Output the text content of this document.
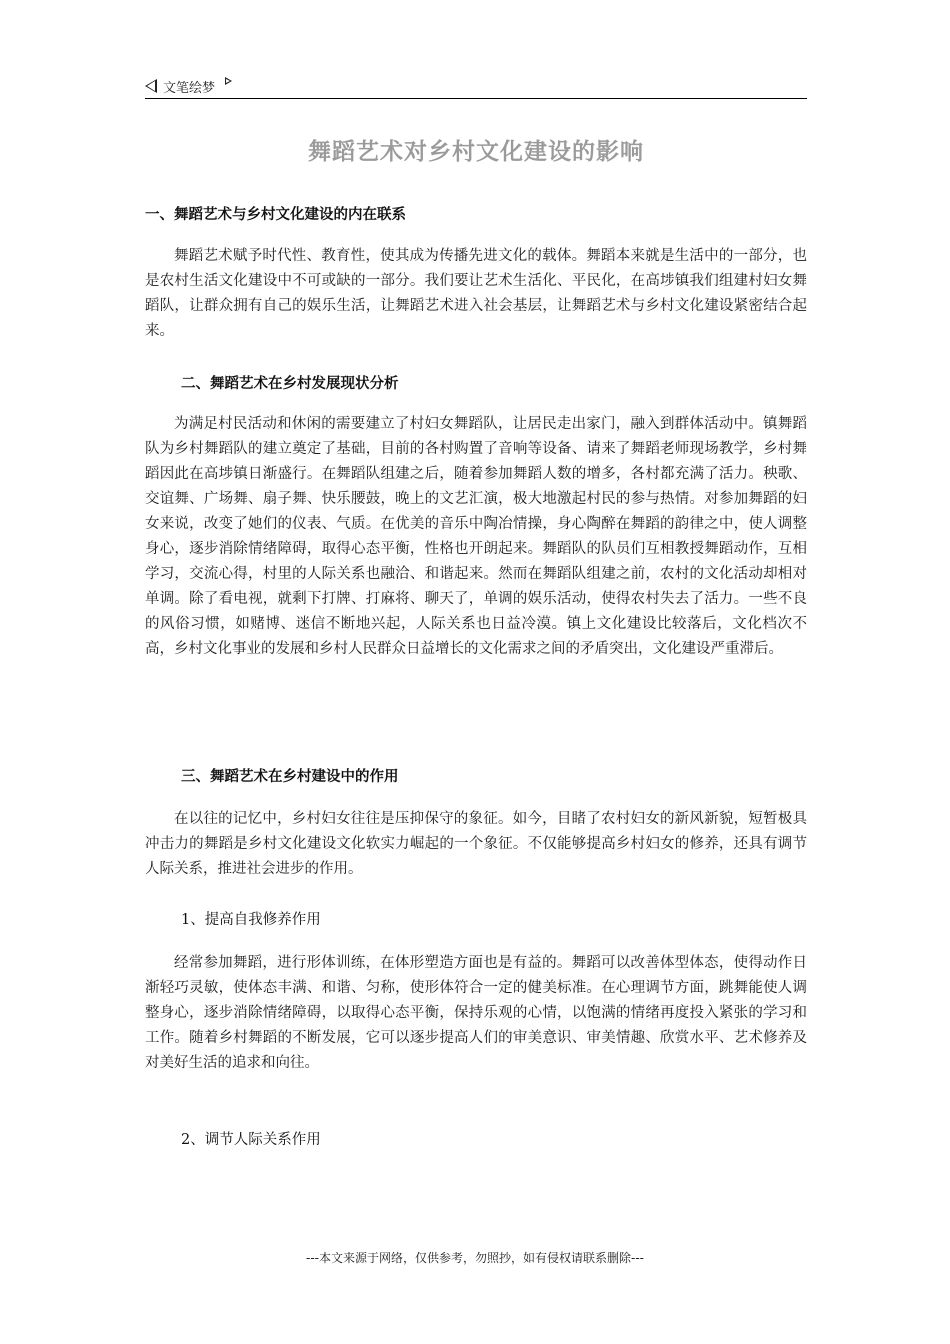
文笔绘梦
舞蹈艺术对乡村文化建设的影响
一、舞蹈艺术与乡村文化建设的内在联系
舞蹈艺术赋予时代性、教育性，使其成为传播先进文化的载体。舞蹈本来就是生活中的一部分，也是农村生活文化建设中不可或缺的一部分。我们要让艺术生活化、平民化，在高埗镇我们组建村妇女舞蹈队，让群众拥有自己的娱乐生活，让舞蹈艺术进入社会基层，让舞蹈艺术与乡村文化建设紧密结合起来。
二、舞蹈艺术在乡村发展现状分析
为满足村民活动和休闲的需要建立了村妇女舞蹈队，让居民走出家门，融入到群体活动中。镇舞蹈队为乡村舞蹈队的建立奠定了基础，目前的各村购置了音响等设备、请来了舞蹈老师现场教学，乡村舞蹈因此在高埗镇日渐盛行。在舞蹈队组建之后，随着参加舞蹈人数的增多，各村都充满了活力。秧歌、交谊舞、广场舞、扇子舞、快乐腰鼓，晚上的文艺汇演，极大地激起村民的参与热情。对参加舞蹈的妇女来说，改变了她们的仪表、气质。在优美的音乐中陶冶情操，身心陶醉在舞蹈的韵律之中，使人调整身心，逐步消除情绪障碍，取得心态平衡，性格也开朗起来。舞蹈队的队员们互相教授舞蹈动作，互相学习，交流心得，村里的人际关系也融洽、和谐起来。然而在舞蹈队组建之前，农村的文化活动却相对单调。除了看电视，就剩下打牌、打麻将、聊天了，单调的娱乐活动，使得农村失去了活力。一些不良的风俗习惯，如赌博、迷信不断地兴起，人际关系也日益冷漠。镇上文化建设比较落后，文化档次不高，乡村文化事业的发展和乡村人民群众日益增长的文化需求之间的矛盾突出，文化建设严重滞后。
三、舞蹈艺术在乡村建设中的作用
在以往的记忆中，乡村妇女往往是压抑保守的象征。如今，目睹了农村妇女的新风新貌，短暂极具冲击力的舞蹈是乡村文化建设文化软实力崛起的一个象征。不仅能够提高乡村妇女的修养，还具有调节人际关系，推进社会进步的作用。
1、提高自我修养作用
经常参加舞蹈，进行形体训练，在体形塑造方面也是有益的。舞蹈可以改善体型体态，使得动作日渐轻巧灵敏，使体态丰满、和谐、匀称，使形体符合一定的健美标准。在心理调节方面，跳舞能使人调整身心，逐步消除情绪障碍，以取得心态平衡，保持乐观的心情，以饱满的情绪再度投入紧张的学习和工作。随着乡村舞蹈的不断发展，它可以逐步提高人们的审美意识、审美情趣、欣赏水平、艺术修养及对美好生活的追求和向往。
2、调节人际关系作用
---本文来源于网络，仅供参考，勿照抄，如有侵权请联系删除---
